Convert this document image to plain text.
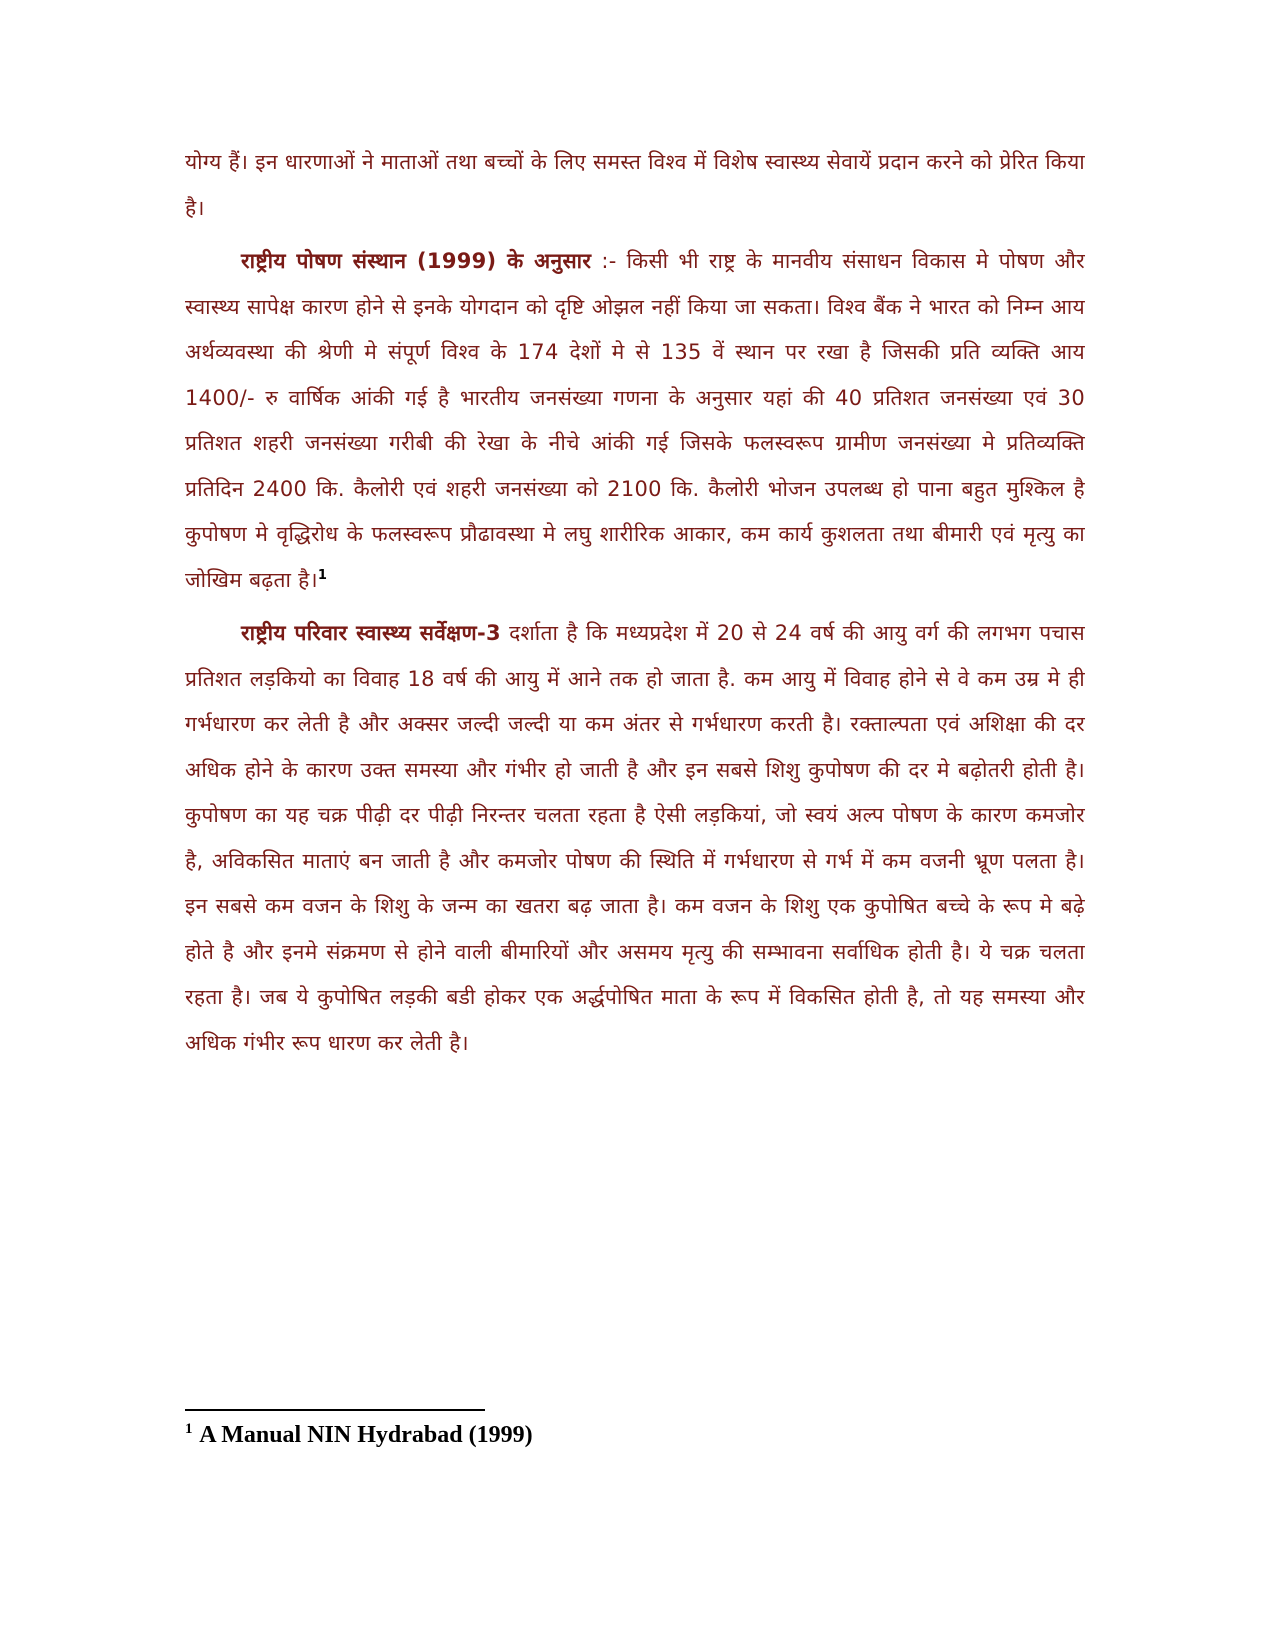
योग्य हैं। इन धारणाओं ने माताओं तथा बच्चों के लिए समस्त विश्व में विशेष स्वास्थ्य सेवायें प्रदान करने को प्रेरित किया है।

राष्ट्रीय पोषण संस्थान (1999) के अनुसार :- किसी भी राष्ट्र के मानवीय संसाधन विकास मे पोषण और स्वास्थ्य सापेक्ष कारण होने से इनके योगदान को दृष्टि ओझल नहीं किया जा सकता। विश्व बैंक ने भारत को निम्न आय अर्थव्यवस्था की श्रेणी मे संपूर्ण विश्व के 174 देशों मे से 135 वें स्थान पर रखा है जिसकी प्रति व्यक्ति आय 1400/- रु वार्षिक आंकी गई है भारतीय जनसंख्या गणना के अनुसार यहां की 40 प्रतिशत जनसंख्या एवं 30 प्रतिशत शहरी जनसंख्या गरीबी की रेखा के नीचे आंकी गई जिसके फलस्वरूप ग्रामीण जनसंख्या मे प्रतिव्यक्ति प्रतिदिन 2400 कि. कैलोरी एवं शहरी जनसंख्या को 2100 कि. कैलोरी भोजन उपलब्ध हो पाना बहुत मुश्किल है कुपोषण मे वृद्धिरोध के फलस्वरूप प्रौढावस्था मे लघु शारीरिक आकार, कम कार्य कुशलता तथा बीमारी एवं मृत्यु का जोखिम बढ़ता है।$^1$

राष्ट्रीय परिवार स्वास्थ्य सर्वेक्षण-3 दर्शाता है कि मध्यप्रदेश में 20 से 24 वर्ष की आयु वर्ग की लगभग पचास प्रतिशत लड़कियो का विवाह 18 वर्ष की आयु में आने तक हो जाता है. कम आयु में विवाह होने से वे कम उम्र मे ही गर्भधारण कर लेती है और अक्सर जल्दी जल्दी या कम अंतर से गर्भधारण करती है। रक्ताल्पता एवं अशिक्षा की दर अधिक होने के कारण उक्त समस्या और गंभीर हो जाती है और इन सबसे शिशु कुपोषण की दर मे बढ़ोतरी होती है। कुपोषण का यह चक्र पीढ़ी दर पीढ़ी निरन्तर चलता रहता है ऐसी लड़कियां, जो स्वयं अल्प पोषण के कारण कमजोर है, अविकसित माताएं बन जाती है और कमजोर पोषण की स्थिति में गर्भधारण से गर्भ में कम वजनी भ्रूण पलता है। इन सबसे कम वजन के शिशु के जन्म का खतरा बढ़ जाता है। कम वजन के शिशु एक कुपोषित बच्चे के रूप मे बढ़े होते है और इनमे संक्रमण से होने वाली बीमारियों और असमय मृत्यु की सम्भावना सर्वाधिक होती है। ये चक्र चलता रहता है। जब ये कुपोषित लड़की बडी होकर एक अर्द्धपोषित माता के रूप में विकसित होती है, तो यह समस्या और अधिक गंभीर रूप धारण कर लेती है।

$^1$ A Manual NIN Hydrabad (1999)
